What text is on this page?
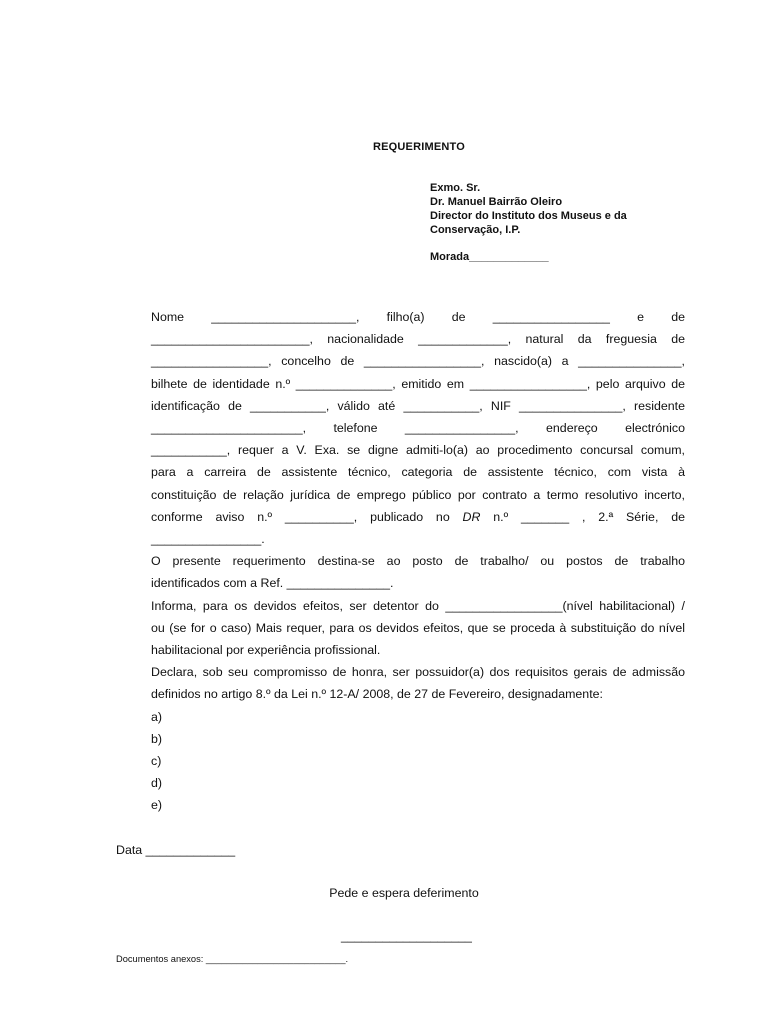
REQUERIMENTO
Exmo. Sr.
Dr. Manuel Bairrão Oleiro
Director do Instituto dos Museus e da
Conservação, I.P.
Morada_____________
Nome _____________________, filho(a) de _________________ e de
_______________________, nacionalidade _____________, natural da freguesia de
_________________, concelho de _________________, nascido(a) a _______________,
bilhete de identidade n.º ______________, emitido em _________________, pelo arquivo de
identificação de ___________, válido até ___________, NIF _______________, residente
______________________, telefone ________________, endereço electrónico
___________, requer a V. Exa. se digne admiti-lo(a) ao procedimento concursal comum,
para a carreira de assistente técnico, categoria de assistente técnico, com vista à
constituição de relação jurídica de emprego público por contrato a termo resolutivo incerto,
conforme aviso n.º __________, publicado no DR n.º _______ , 2.ª Série, de
________________.
O presente requerimento destina-se ao posto de trabalho/ ou postos de trabalho
identificados com a Ref. _______________.
Informa, para os devidos efeitos, ser detentor do _________________(nível habilitacional) /
ou (se for o caso) Mais requer, para os devidos efeitos, que se proceda à substituição do nível
habilitacional por experiência profissional.
Declara, sob seu compromisso de honra, ser possuidor(a) dos requisitos gerais de admissão
definidos no artigo 8.º da Lei n.º 12-A/ 2008, de 27 de Fevereiro, designadamente:
a)
b)
c)
d)
e)
Data _____________
Pede e espera deferimento
___________________
Documentos anexos: ___________________________.
